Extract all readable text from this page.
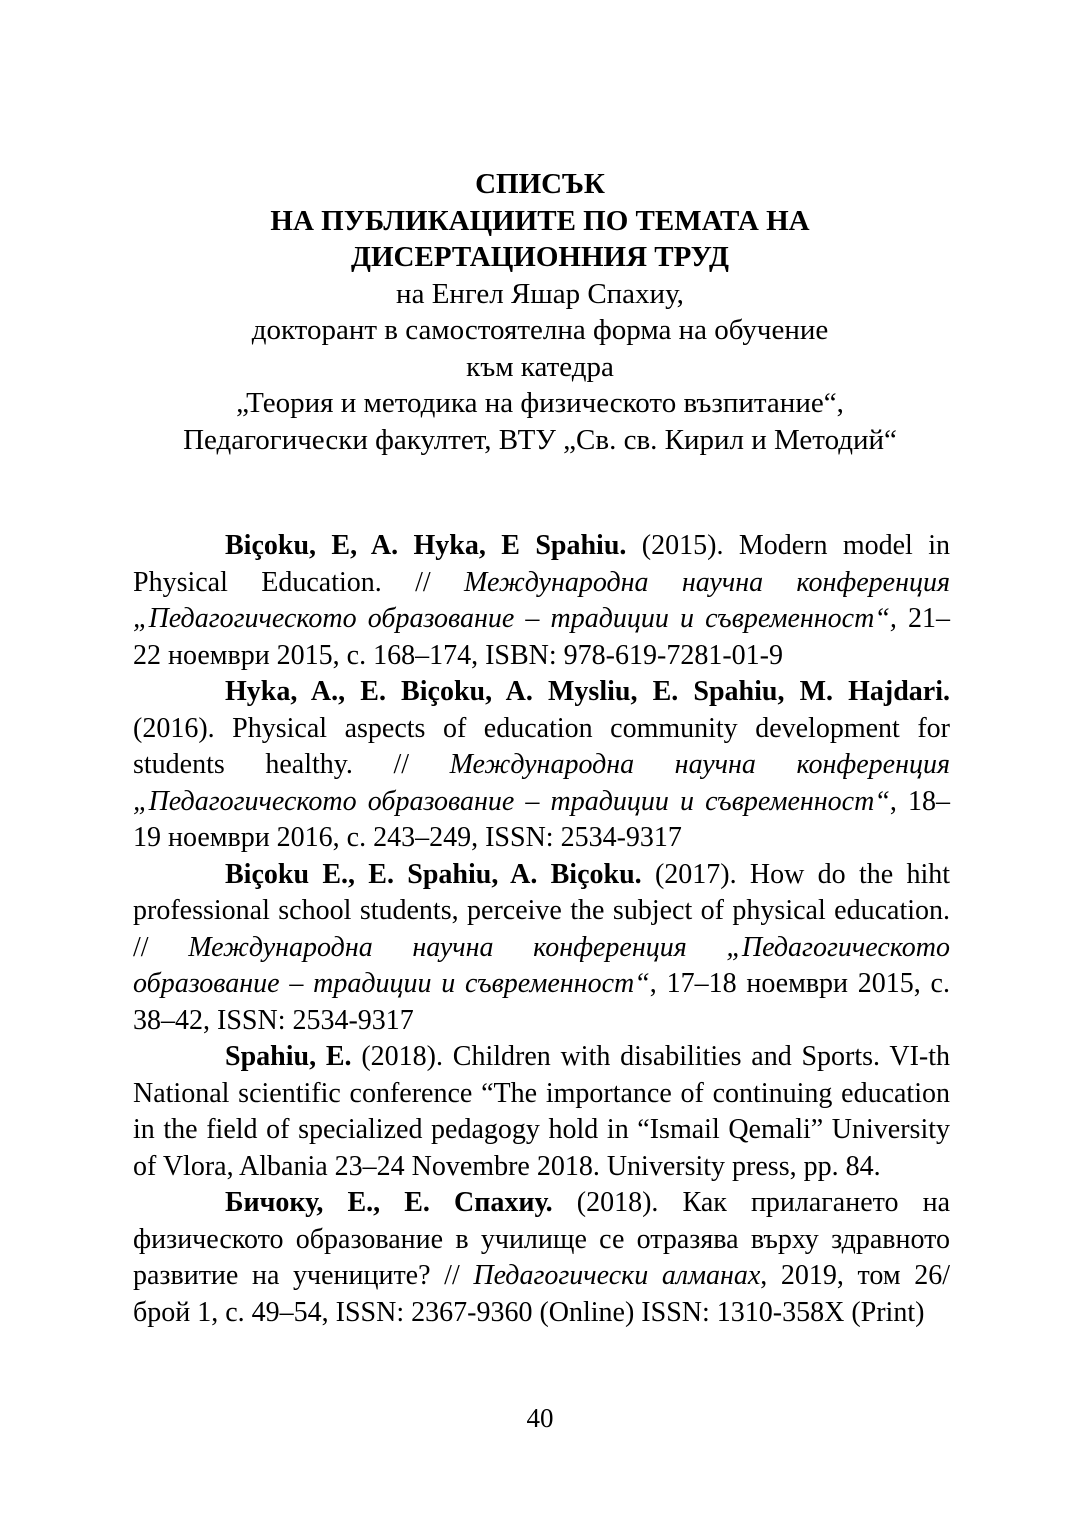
СПИСЪК
НА ПУБЛИКАЦИИТЕ ПО ТЕМАТА НА
ДИСЕРТАЦИОННИЯ ТРУД
на Енгел Яшар Спахиу,
докторант в самостоятелна форма на обучение
към катедра
„Теория и методика на физическото възпитание“,
Педагогически факултет, ВТУ „Св. св. Кирил и Методий“

Biçoku, E, A. Hyka, E Spahiu. (2015). Modern model in Physical Education. // Международна научна конференция „Педагогическото образование – традиции и съвременност“, 21–22 ноември 2015, с. 168–174, ISBN: 978-619-7281-01-9

Hyka, A., E. Biçoku, A. Mysliu, E. Spahiu, M. Hajdari. (2016). Physical aspects of education community development for students healthy. // Международна научна конференция „Педагогическото образование – традиции и съвременност“, 18–19 ноември 2016, с. 243–249, ISSN: 2534-9317

Biçoku E., E. Spahiu, A. Biçoku. (2017). How do the hiht professional school students, perceive the subject of physical education. // Международна научна конференция „Педагогическото образование – традиции и съвременност“, 17–18 ноември 2015, с. 38–42, ISSN: 2534-9317

Spahiu, E. (2018). Children with disabilities and Sports. VI-th National scientific conference “The importance of continuing education in the field of specialized pedagogy hold in “Ismail Qemali” University of Vlora, Albania 23–24 Novembre 2018. University press, pp. 84.

Бичоку, Е., Е. Спахиу. (2018). Как прилагането на физическото образование в училище се отразява върху здравното развитие на учениците? // Педагогически алманах, 2019, том 26/брой 1, с. 49–54, ISSN: 2367-9360 (Online) ISSN: 1310-358X (Print)

40
